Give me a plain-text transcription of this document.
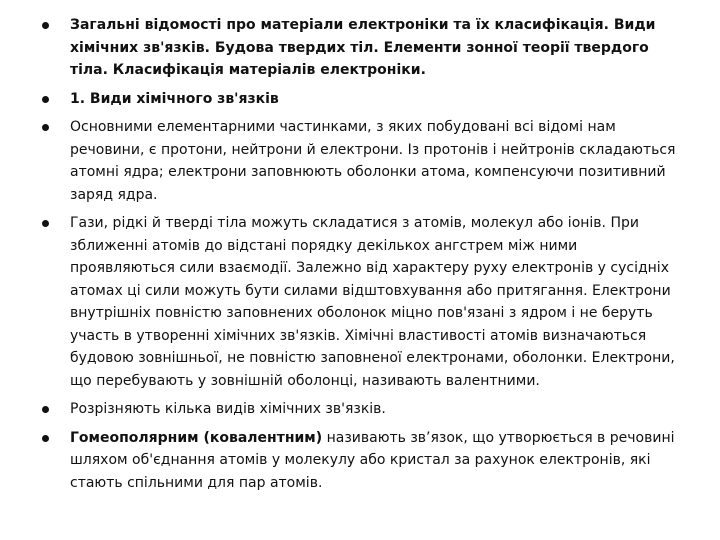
Загальні відомості про матеріали електроніки та їх класифікація. Види хімічних зв'язків. Будова твердих тіл. Елементи зонної теорії твердого тіла. Класифікація матеріалів електроніки.
1. Види хімічного зв'язків
Основними елементарними частинками, з яких побудовані всі відомі нам речовини, є протони, нейтрони й електрони. Із протонів і нейтронів складаються атомні ядра; електрони заповнюють оболонки атома, компенсуючи позитивний заряд ядра.
Гази, рідкі й тверді тіла можуть складатися з атомів, молекул або іонів. При зближенні атомів до відстані порядку декількох ангстрем між ними проявляються сили взаємодії. Залежно від характеру руху електронів у сусідніх атомах ці сили можуть бути силами відштовхування або притягання. Електрони внутрішніх повністю заповнених оболонок міцно пов'язані з ядром і не беруть участь в утворенні хімічних зв'язків. Хімічні властивості атомів визначаються будовою зовнішньої, не повністю заповненої електронами, оболонки. Електрони, що перебувають у зовнішній оболонці, називають валентними.
Розрізняють кілька видів хімічних зв'язків.
Гомеополярним (ковалентним) називають зв’язок, що утворюється в речовині шляхом об'єднання атомів у молекулу або кристал за рахунок електронів, які стають спільними для пар атомів.
